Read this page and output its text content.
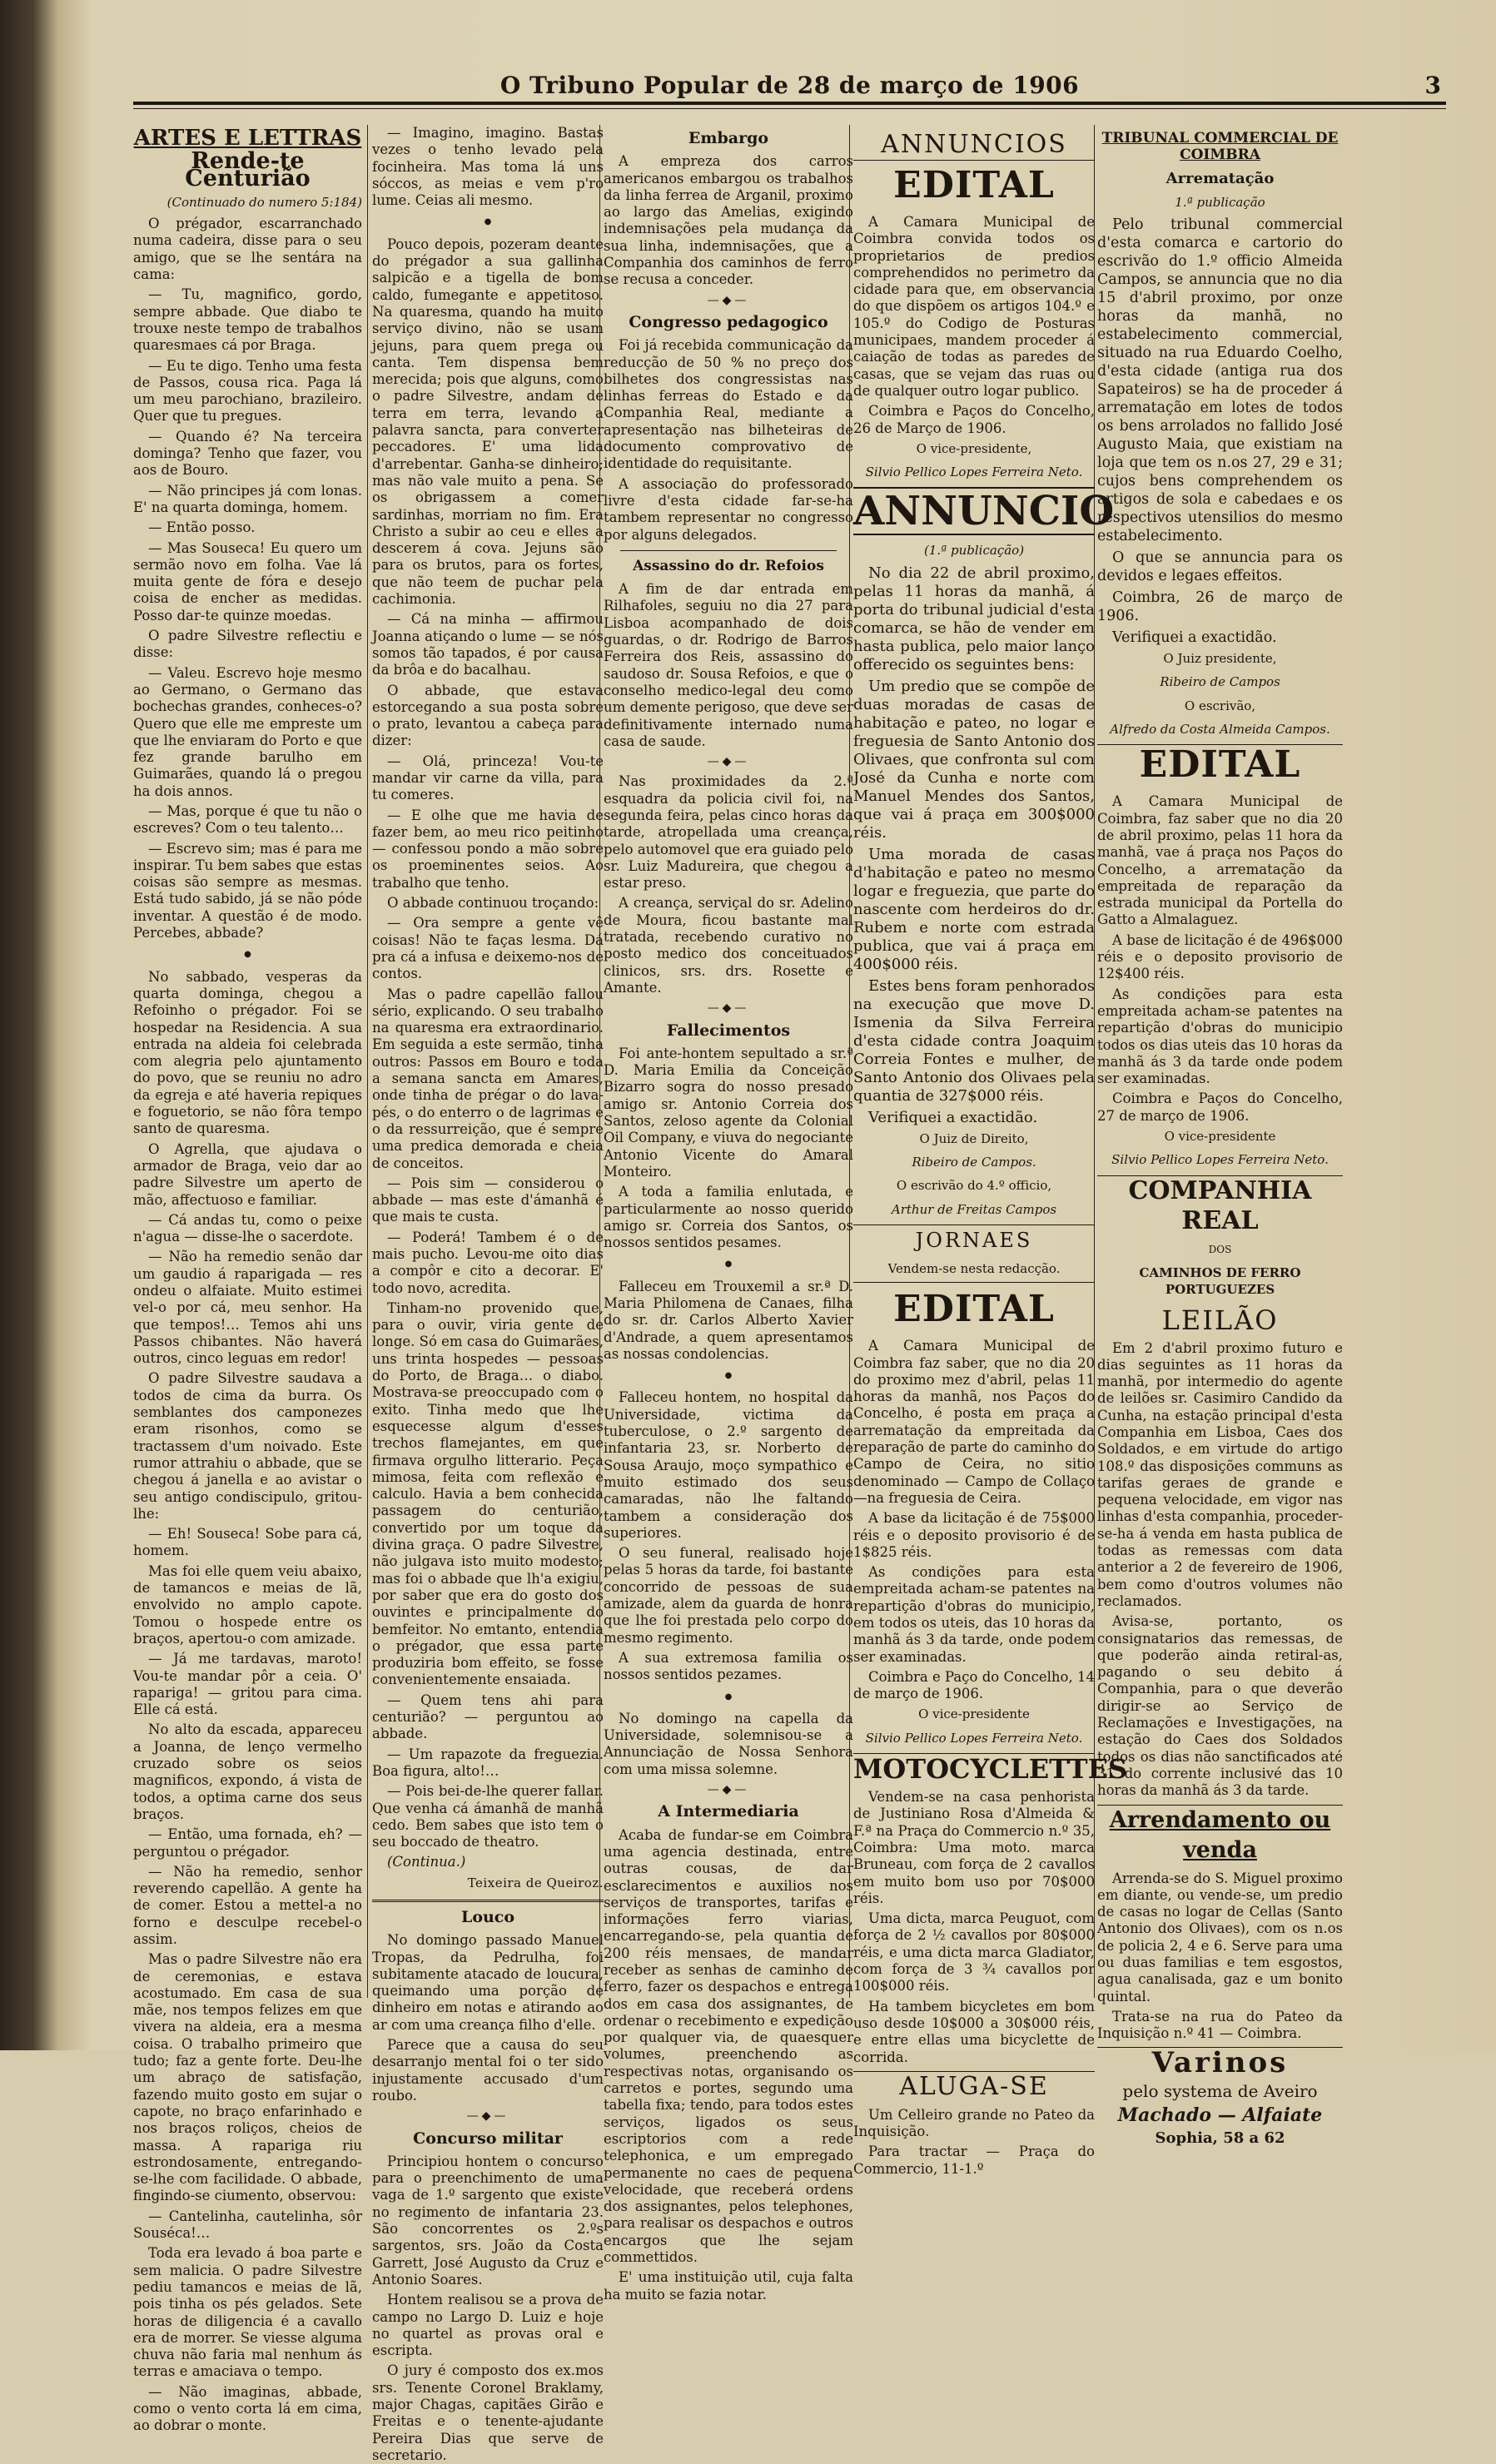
O Tribuno Popular de 28 de março de 1906	3
ARTES E LETTRAS
Rende-te Centurião
(Continuado do numero 5:184)

O prégador, escarranchado numa cadeira, disse para o seu amigo, que se lhe sentára na cama:

— Tu, magnifico, gordo, sempre abbade. Que diabo te trouxe neste tempo de trabalhos quaresmaes cá por Braga.

— Eu te digo. Tenho uma festa de Passos, cousa rica. Paga lá um meu parochiano, brazileiro. Quer que tu pregues.

— Quando é? Na terceira dominga? Tenho que fazer, vou aos de Bouro.

— Não principes já com lonas. E' na quarta dominga, homem.

— Então posso.

— Mas Souseca! Eu quero um sermão novo em folha. Vae lá muita gente de fóra e desejo coisa de encher as medidas. Posso dar-te quinze moedas.

O padre Silvestre reflectiu e disse:

— Valeu. Escrevo hoje mesmo ao Germano, o Germano das bochechas grandes, conheces-o? Quero que elle me empreste um que lhe enviaram do Porto e que fez grande barulho em Guimarães, quando lá o pregou ha dois annos.

— Mas, porque é que tu não o escreves? Com o teu talento…

— Escrevo sim; mas é para me inspirar. Tu bem sabes que estas coisas são sempre as mesmas. Está tudo sabido, já se não póde inventar. A questão é de modo. Percebes, abbade?

●

No sabbado, vesperas da quarta dominga, chegou a Refoinho o prégador. Foi se hospedar na Residencia. A sua entrada na aldeia foi celebrada com alegria pelo ajuntamento do povo, que se reuniu no adro da egreja e até haveria repiques e foguetorio, se não fôra tempo santo de quaresma.

O Agrella, que ajudava o armador de Braga, veio dar ao padre Silvestre um aperto de mão, affectuoso e familiar.

— Cá andas tu, como o peixe n'agua — disse-lhe o sacerdote.

— Não ha remedio senão dar um gaudio á raparigada — res ondeu o alfaiate. Muito estimei vel-o por cá, meu senhor. Ha que tempos!… Temos ahi uns Passos chibantes. Não haverá outros, cinco leguas em redor!

O padre Silvestre saudava a todos de cima da burra. Os semblantes dos camponezes eram risonhos, como se tractassem d'um noivado. Este rumor attrahiu o abbade, que se chegou á janella e ao avistar o seu antigo condiscipulo, gritou-lhe:

— Eh! Souseca! Sobe para cá, homem.

Mas foi elle quem veiu abaixo, de tamancos e meias de lã, envolvido no amplo capote. Tomou o hospede entre os braços, apertou-o com amizade.

— Já me tardavas, maroto! Vou-te mandar pôr a ceia. O' rapariga! — gritou para cima. Elle cá está.

No alto da escada, appareceu a Joanna, de lenço vermelho cruzado sobre os seios magnificos, expondo, á vista de todos, a optima carne dos seus braços.

— Então, uma fornada, eh? — perguntou o prégador.

— Não ha remedio, senhor reverendo capellão. A gente ha de comer. Estou a mettel-a no forno e desculpe recebel-o assim.

Mas o padre Silvestre não era de ceremonias, e estava acostumado. Em casa de sua mãe, nos tempos felizes em que vivera na aldeia, era a mesma coisa. O trabalho primeiro que tudo; faz a gente forte. Deu-lhe um abraço de satisfação, fazendo muito gosto em sujar o capote, no braço enfarinhado e nos braços roliços, cheios de massa. A rapariga riu estrondosamente, entregando-se-lhe com facilidade. O abbade, fingindo-se ciumento, observou:

— Cantelinha, cautelinha, sôr Souséca!…

Toda era levado á boa parte e sem malicia. O padre Silvestre pediu tamancos e meias de lã, pois tinha os pés gelados. Sete horas de diligencia é a cavallo era de morrer. Se viesse alguma chuva não faria mal nenhum ás terras e amaciava o tempo.

— Não imaginas, abbade, como o vento corta lá em cima, ao dobrar o monte.

— Imagino, imagino. Bastas vezes o tenho levado pela focinheira. Mas toma lá uns sóccos, as meias e vem p'ro lume. Ceias ali mesmo.

●

Pouco depois, pozeram deante do prégador a sua gallinha salpicão e a tigella de bom caldo, fumegante e appetitoso. Na quaresma, quando ha muito serviço divino, não se usam jejuns, para quem prega ou canta. Tem dispensa bem merecida; pois que alguns, como o padre Silvestre, andam de terra em terra, levando a palavra sancta, para converter peccadores. E' uma lida d'arrebentar. Ganha-se dinheiro; mas não vale muito a pena. Se os obrigassem a comer sardinhas, morriam no fim. Era Christo a subir ao ceu e elles a descerem á cova. Jejuns são para os brutos, para os fortes, que não teem de puchar pela cachimonia.

— Cá na minha — affirmou Joanna atiçando o lume — se nós somos tão tapados, é por causa da brôa e do bacalhau.

O abbade, que estava estorcegando a sua posta sobre o prato, levantou a cabeça para dizer:

— Olá, princeza! Vou-te mandar vir carne da villa, para tu comeres.

— E olhe que me havia de fazer bem, ao meu rico peitinho — confessou pondo a mão sobre os proeminentes seios. Ao trabalho que tenho.

O abbade continuou troçando:

— Ora sempre a gente vê coisas! Não te faças lesma. Dá pra cá a infusa e deixemo-nos de contos.

Mas o padre capellão fallou sério, explicando. O seu trabalho na quaresma era extraordinario. Em seguida a este sermão, tinha outros: Passos em Bouro e toda a semana sancta em Amares, onde tinha de prégar o do lava-pés, o do enterro o de lagrimas e o da ressurreição, que é sempre uma predica demorada e cheia de conceitos.

— Pois sim — considerou o abbade — mas este d'ámanhã é que mais te custa.

— Poderá! Tambem é o de mais pucho. Levou-me oito dias a compôr e cito a decorar. E' todo novo, acredita.

Tinham-no provenido que, para o ouvir, viria gente de longe. Só em casa do Guimarães, uns trinta hospedes — pessoas do Porto, de Braga… o diabo. Mostrava-se preoccupado com o exito. Tinha medo que lhe esquecesse algum d'esses trechos flamejantes, em que firmava orgulho litterario. Peça mimosa, feita com reflexão e calculo. Havia a bem conhecida passagem do centurião, convertido por um toque da divina graça. O padre Silvestre, não julgava isto muito modesto; mas foi o abbade que lh'a exigiu, por saber que era do gosto dos ouvintes e principalmente do bemfeitor. No emtanto, entendia o prégador, que essa parte produziria bom effeito, se fosse convenientemente ensaiada.

— Quem tens ahi para centurião? — perguntou ao abbade.

— Um rapazote da freguezia. Boa figura, alto!…

— Pois bei-de-lhe querer fallar. Que venha cá ámanhã de manhã cedo. Bem sabes que isto tem o seu boccado de theatro.

(Continua.)

Teixeira de Queiroz.
Louco

No domingo passado Manuel Tropas, da Pedrulha, foi subitamente atacado de loucura, queimando uma porção de dinheiro em notas e atirando ao ar com uma creança filho d'elle.

Parece que a causa do seu desarranjo mental foi o ter sido injustamente accusado d'um roubo.

—◆—
Concurso militar

Principiou hontem o concurso para o preenchimento de uma vaga de 1.º sargento que existe no regimento de infantaria 23. São concorrentes os 2.ºs sargentos, srs. João da Costa Garrett, José Augusto da Cruz e Antonio Soares.

Hontem realisou se a prova de campo no Largo D. Luiz e hoje no quartel as provas oral e escripta.

O jury é composto dos ex.mos srs. Tenente Coronel Braklamy, major Chagas, capitães Girão e Freitas e o tenente-ajudante Pereira Dias que serve de secretario.

Embargo

A empreza dos carros americanos embargou os trabalhos da linha ferrea de Arganil, proximo ao largo das Amelias, exigindo indemnisações pela mudança da sua linha, indemnisações, que a Companhia dos caminhos de ferro se recusa a conceder.

—◆—
Congresso pedagogico

Foi já recebida communicação da reducção de 50 % no preço dos bilhetes dos congressistas nas linhas ferreas do Estado e da Companhia Real, mediante a apresentação nas bilheteiras de documento comprovativo de identidade do requisitante.

A associação do professorado livre d'esta cidade far-se-ha tambem representar no congresso por alguns delegados.

Assassino do dr. Refoios

A fim de dar entrada em Rilhafoles, seguiu no dia 27 para Lisboa acompanhado de dois guardas, o dr. Rodrigo de Barros Ferreira dos Reis, assassino do saudoso dr. Sousa Refoios, e que o conselho medico-legal deu como um demente perigoso, que deve ser definitivamente internado numa casa de saude.

—◆—

Nas proximidades da 2.ª esquadra da policia civil foi, na segunda feira, pelas cinco horas da tarde, atropellada uma creança, pelo automovel que era guiado pelo sr. Luiz Madureira, que chegou a estar preso.

A creança, serviçal do sr. Adelino de Moura, ficou bastante mal tratada, recebendo curativo no posto medico dos conceituados clinicos, srs. drs. Rosette e Amante.

—◆—
Fallecimentos

Foi ante-hontem sepultado a sr.ª D. Maria Emilia da Conceição Bizarro sogra do nosso presado amigo sr. Antonio Correia dos Santos, zeloso agente da Colonial Oil Company, e viuva do negociante Antonio Vicente do Amaral Monteiro.

A toda a familia enlutada, e particularmente ao nosso querido amigo sr. Correia dos Santos, os nossos sentidos pesames.

●

Falleceu em Trouxemil a sr.ª D. Maria Philomena de Canaes, filha do sr. dr. Carlos Alberto Xavier d'Andrade, a quem apresentamos as nossas condolencias.

●

Falleceu hontem, no hospital da Universidade, victima da tuberculose, o 2.º sargento de infantaria 23, sr. Norberto de Sousa Araujo, moço sympathico e muito estimado dos seus camaradas, não lhe faltando tambem a consideração dos superiores.

O seu funeral, realisado hoje pelas 5 horas da tarde, foi bastante concorrido de pessoas de sua amizade, alem da guarda de honra que lhe foi prestada pelo corpo do mesmo regimento.

A sua extremosa familia os nossos sentidos pezames.

●

No domingo na capella da Universidade, solemnisou-se a Annunciação de Nossa Senhora com uma missa solemne.

—◆—
A Intermediaria

Acaba de fundar-se em Coimbra uma agencia destinada, entre outras cousas, de dar esclarecimentos e auxilios nos serviços de transportes, tarifas e informações ferro viarias, encarregando-se, pela quantia de 200 réis mensaes, de mandar receber as senhas de caminho de ferro, fazer os despachos e entrega dos em casa dos assignantes, de ordenar o recebimento e expedição por qualquer via, de quaesquer volumes, preenchendo as respectivas notas, organisando os carretos e portes, segundo uma tabella fixa; tendo, para todos estes serviços, ligados os seus escriptorios com a rede telephonica, e um empregado permanente no caes de pequena velocidade, que receberá ordens dos assignantes, pelos telephones, para realisar os despachos e outros encargos que lhe sejam commettidos.

E' uma instituição util, cuja falta ha muito se fazia notar.

ANNUNCIOS
EDITAL

A Camara Municipal de Coimbra convida todos os proprietarios de predios comprehendidos no perimetro da cidade para que, em observancia do que dispõem os artigos 104.º e 105.º do Codigo de Posturas municipaes, mandem proceder á caiação de todas as paredes de casas, que se vejam das ruas ou de qualquer outro logar publico.

Coimbra e Paços do Concelho, 26 de Março de 1906.

O vice-presidente,
Silvio Pellico Lopes Ferreira Neto.
ANNUNCIO
(1.ª publicação)

No dia 22 de abril proximo, pelas 11 horas da manhã, á porta do tribunal judicial d'esta comarca, se hão de vender em hasta publica, pelo maior lanço offerecido os seguintes bens:

Um predio que se compõe de duas moradas de casas de habitação e pateo, no logar e freguesia de Santo Antonio dos Olivaes, que confronta sul com José da Cunha e norte com Manuel Mendes dos Santos, que vai á praça em 300$000 réis.

Uma morada de casas d'habitação e pateo no mesmo logar e freguezia, que parte do nascente com herdeiros do dr. Rubem e norte com estrada publica, que vai á praça em 400$000 réis.

Estes bens foram penhorados na execução que move D. Ismenia da Silva Ferreira d'esta cidade contra Joaquim Correia Fontes e mulher, de Santo Antonio dos Olivaes pela quantia de 327$000 réis.

Verifiquei a exactidão.

O Juiz de Direito,
Ribeiro de Campos.
O escrivão do 4.º officio,
Arthur de Freitas Campos
JORNAES
Vendem-se nesta redacção.
EDITAL

A Camara Municipal de Coimbra faz saber, que no dia 20 do proximo mez d'abril, pelas 11 horas da manhã, nos Paços do Concelho, é posta em praça a arrematação da empreitada da reparação de parte do caminho do Campo de Ceira, no sitio denominado — Campo de Collaço—na freguesia de Ceira.

A base da licitação é de 75$000 réis e o deposito provisorio é de 1$825 réis.

As condições para esta empreitada acham-se patentes na repartição d'obras do municipio, em todos os uteis, das 10 horas da manhã ás 3 da tarde, onde podem ser examinadas.

Coimbra e Paço do Concelho, 14 de março de 1906.

O vice-presidente
Silvio Pellico Lopes Ferreira Neto.
MOTOCYCLETTES

Vendem-se na casa penhorista de Justiniano Rosa d'Almeida & F.ª na Praça do Commercio n.º 35, Coimbra: Uma moto. marca Bruneau, com força de 2 cavallos em muito bom uso por 70$000 réis.

Uma dicta, marca Peuguot, com força de 2 ½ cavallos por 80$000 réis, e uma dicta marca Gladiator, com força de 3 ¾ cavallos por 100$000 réis.

Ha tambem bicycletes em bom uso desde 10$000 a 30$000 réis, e entre ellas uma bicyclette de corrida.

ALUGA-SE

Um Celleiro grande no Pateo da Inquisição.

Para tractar — Praça do Commercio, 11-1.º

TRIBUNAL COMMERCIAL DE COIMBRA
Arrematação
1.ª publicação

Pelo tribunal commercial d'esta comarca e cartorio do escrivão do 1.º officio Almeida Campos, se annuncia que no dia 15 d'abril proximo, por onze horas da manhã, no estabelecimento commercial, situado na rua Eduardo Coelho, d'esta cidade (antiga rua dos Sapateiros) se ha de proceder á arrematação em lotes de todos os bens arrolados no fallido José Augusto Maia, que existiam na loja que tem os n.os 27, 29 e 31; cujos bens comprehendem os artigos de sola e cabedaes e os respectivos utensilios do mesmo estabelecimento.

O que se annuncia para os devidos e legaes effeitos.

Coimbra, 26 de março de 1906.

Verifiquei a exactidão.

O Juiz presidente,
Ribeiro de Campos
O escrivão,
Alfredo da Costa Almeida Campos.
EDITAL

A Camara Municipal de Coimbra, faz saber que no dia 20 de abril proximo, pelas 11 hora da manhã, vae á praça nos Paços do Concelho, a arrematação da empreitada de reparação da estrada municipal da Portella do Gatto a Almalaguez.

A base de licitação é de 496$000 réis e o deposito provisorio de 12$400 réis.

As condições para esta empreitada acham-se patentes na repartição d'obras do municipio todos os dias uteis das 10 horas da manhã ás 3 da tarde onde podem ser examinadas.

Coimbra e Paços do Concelho, 27 de março de 1906.

O vice-presidente
Silvio Pellico Lopes Ferreira Neto.
COMPANHIA REAL
DOS
CAMINHOS DE FERRO PORTUGUEZES
LEILÃO

Em 2 d'abril proximo futuro e dias seguintes as 11 horas da manhã, por intermedio do agente de leilões sr. Casimiro Candido da Cunha, na estação principal d'esta Companhia em Lisboa, Caes dos Soldados, e em virtude do artigo 108.º das disposições communs as tarifas geraes de grande e pequena velocidade, em vigor nas linhas d'esta companhia, proceder-se-ha á venda em hasta publica de todas as remessas com data anterior a 2 de fevereiro de 1906, bem como d'outros volumes não reclamados.

Avisa-se, portanto, os consignatarios das remessas, de que poderão ainda retiral-as, pagando o seu debito á Companhia, para o que deverão dirigir-se ao Serviço de Reclamações e Investigações, na estação do Caes dos Soldados todos os dias não sanctificados até 31 do corrente inclusivé das 10 horas da manhã ás 3 da tarde.

Arrendamento ou venda

Arrenda-se do S. Miguel proximo em diante, ou vende-se, um predio de casas no logar de Cellas (Santo Antonio dos Olivaes), com os n.os de policia 2, 4 e 6. Serve para uma ou duas familias e tem esgostos, agua canalisada, gaz e um bonito quintal.

Trata-se na rua do Pateo da Inquisição n.º 41 — Coimbra.

Varinos
pelo systema de Aveiro
Machado — Alfaiate
Sophia, 58 a 62
